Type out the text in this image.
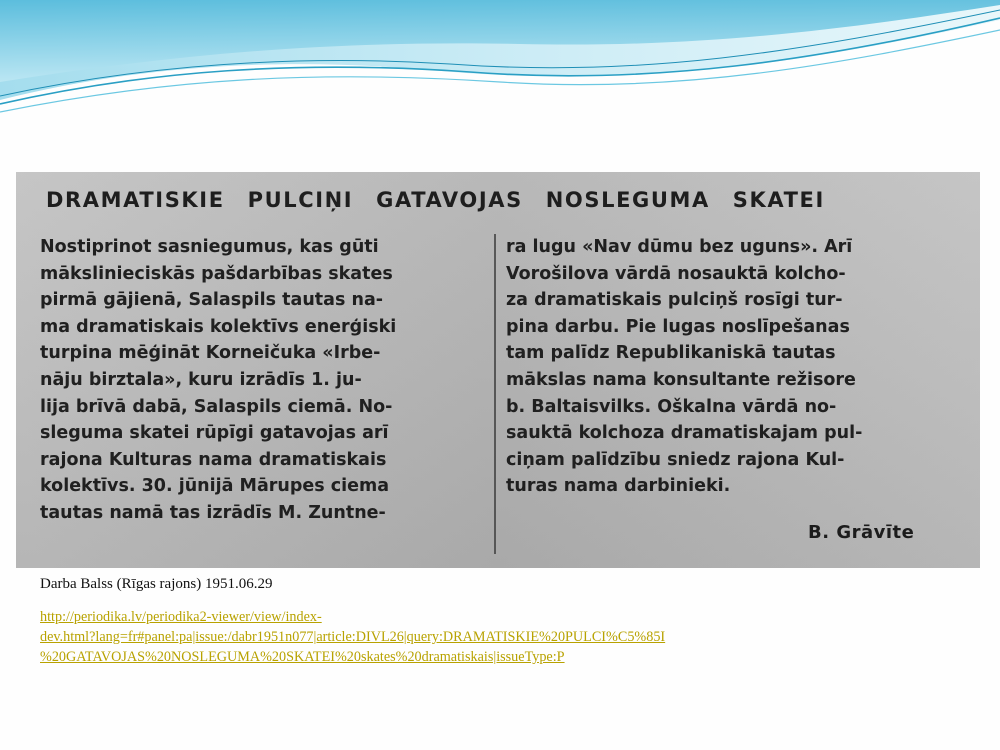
DRAMATISKIE PULCIŅI GATAVOJAS NOSLEGUMA SKATEI
Nostiprinot sasniegumus, kas gūti
mākslinieciskās pašdarbības skates
pirmā gājienā, Salaspils tautas na-
ma dramatiskais kolektīvs enerģiski
turpina mēģināt Korneičuka «Irbe-
nāju birztala», kuru izrādīs 1. ju-
lija brīvā dabā, Salaspils ciemā. No-
sleguma skatei rūpīgi gatavojas arī
rajona Kulturas nama dramatiskais
kolektīvs. 30. jūnijā Mārupes ciema
tautas namā tas izrādīs M. Zuntne-
ra lugu «Nav dūmu bez uguns». Arī
Vorošilova vārdā nosauktā kolcho-
za dramatiskais pulciņš rosīgi tur-
pina darbu. Pie lugas noslīpešanas
tam palīdz Republikaniskā tautas
mākslas nama konsultante režisore
b. Baltaisvilks. Oškalna vārdā no-
sauktā kolchoza dramatiskajam pul-
ciņam palīdzību sniedz rajona Kul-
turas nama darbinieki.
B. Grāvīte
Darba Balss (Rīgas rajons) 1951.06.29
http://periodika.lv/periodika2-viewer/view/index-
dev.html?lang=fr#panel:pa|issue:/dabr1951n077|article:DIVL26|query:DRAMATISKIE%20PULCI%C5%85I
%20GATAVOJAS%20NOSLEGUMA%20SKATEI%20skates%20dramatiskais|issueType:P
